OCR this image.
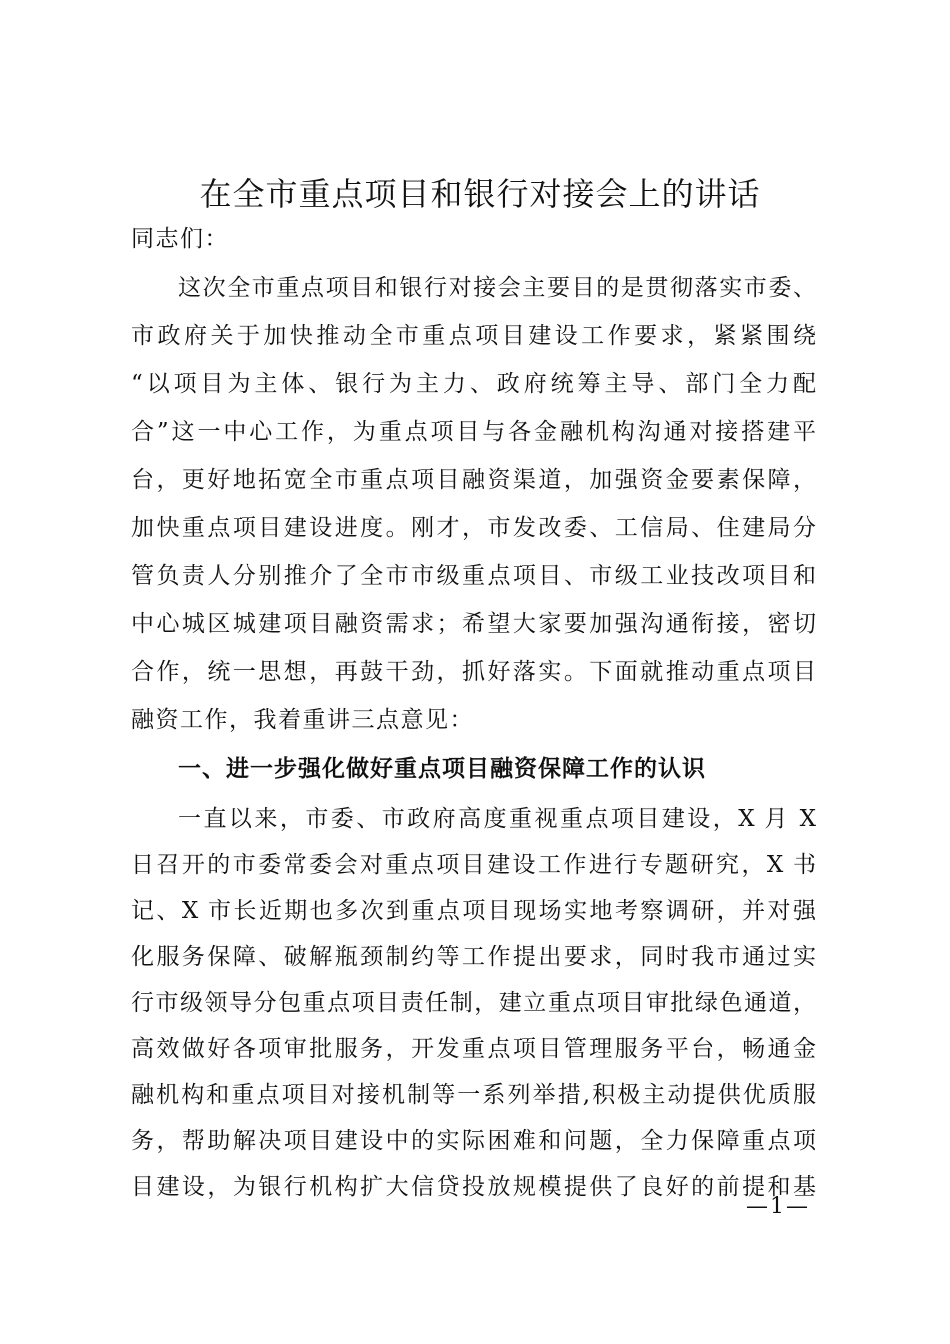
在全市重点项目和银行对接会上的讲话

同志们：

这次全市重点项目和银行对接会主要目的是贯彻落实市委、

市政府关于加快推动全市重点项目建设工作要求，紧紧围绕

“以项目为主体、银行为主力、政府统筹主导、部门全力配

合”这一中心工作，为重点项目与各金融机构沟通对接搭建平

台，更好地拓宽全市重点项目融资渠道，加强资金要素保障，

加快重点项目建设进度。刚才，市发改委、工信局、住建局分

管负责人分别推介了全市市级重点项目、市级工业技改项目和

中心城区城建项目融资需求；希望大家要加强沟通衔接，密切

合作，统一思想，再鼓干劲，抓好落实。下面就推动重点项目

融资工作，我着重讲三点意见：

一、进一步强化做好重点项目融资保障工作的认识

一直以来，市委、市政府高度重视重点项目建设，X 月 X

日召开的市委常委会对重点项目建设工作进行专题研究，X 书

记、X 市长近期也多次到重点项目现场实地考察调研，并对强

化服务保障、破解瓶颈制约等工作提出要求，同时我市通过实

行市级领导分包重点项目责任制，建立重点项目审批绿色通道，

高效做好各项审批服务，开发重点项目管理服务平台，畅通金

融机构和重点项目对接机制等一系列举措,积极主动提供优质服

务，帮助解决项目建设中的实际困难和问题，全力保障重点项

目建设，为银行机构扩大信贷投放规模提供了良好的前提和基

—1—
